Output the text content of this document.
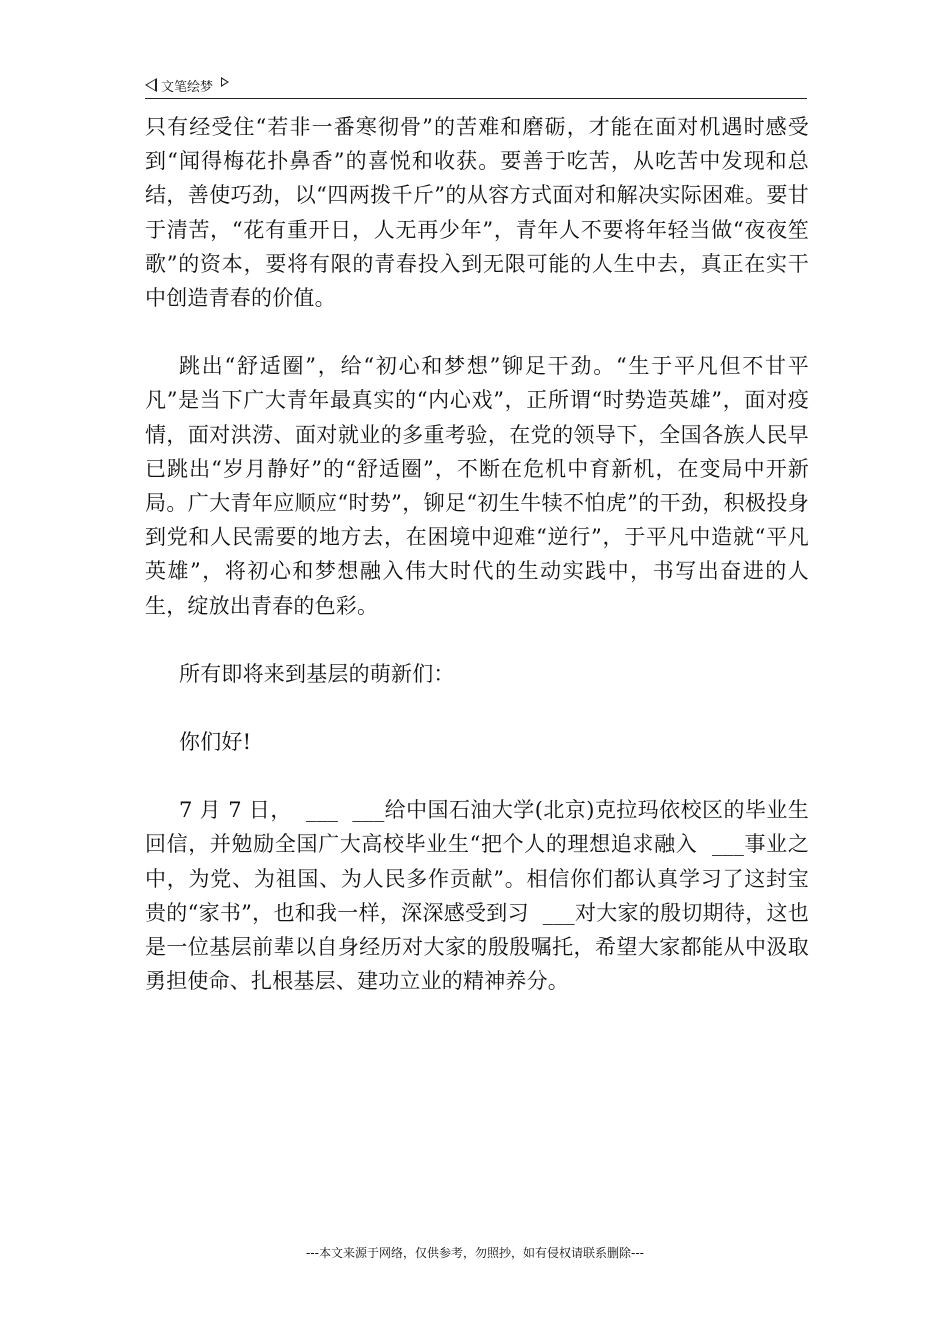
文笔绘梦

只有经受住“若非一番寒彻骨”的苦难和磨砺，才能在面对机遇时感受到“闻得梅花扑鼻香”的喜悦和收获。要善于吃苦，从吃苦中发现和总结，善使巧劲，以“四两拨千斤”的从容方式面对和解决实际困难。要甘于清苦，“花有重开日，人无再少年”，青年人不要将年轻当做“夜夜笙歌”的资本，要将有限的青春投入到无限可能的人生中去，真正在实干中创造青春的价值。

跳出“舒适圈”，给“初心和梦想”铆足干劲。“生于平凡但不甘平凡”是当下广大青年最真实的“内心戏”，正所谓“时势造英雄”，面对疫情，面对洪涝、面对就业的多重考验，在党的领导下，全国各族人民早已跳出“岁月静好”的“舒适圈”，不断在危机中育新机，在变局中开新局。广大青年应顺应“时势”，铆足“初生牛犊不怕虎”的干劲，积极投身到党和人民需要的地方去，在困境中迎难“逆行”，于平凡中造就“平凡英雄”，将初心和梦想融入伟大时代的生动实践中，书写出奋进的人生，绽放出青春的色彩。

所有即将来到基层的萌新们：

你们好!

7 月 7 日，  ___  ___给中国石油大学(北京)克拉玛依校区的毕业生回信，并勉励全国广大高校毕业生“把个人的理想追求融入  ___事业之中，为党、为祖国、为人民多作贡献”。相信你们都认真学习了这封宝贵的“家书”，也和我一样，深深感受到习  ___对大家的殷切期待，这也是一位基层前辈以自身经历对大家的殷殷嘱托，希望大家都能从中汲取勇担使命、扎根基层、建功立业的精神养分。

---本文来源于网络，仅供参考，勿照抄，如有侵权请联系删除---
